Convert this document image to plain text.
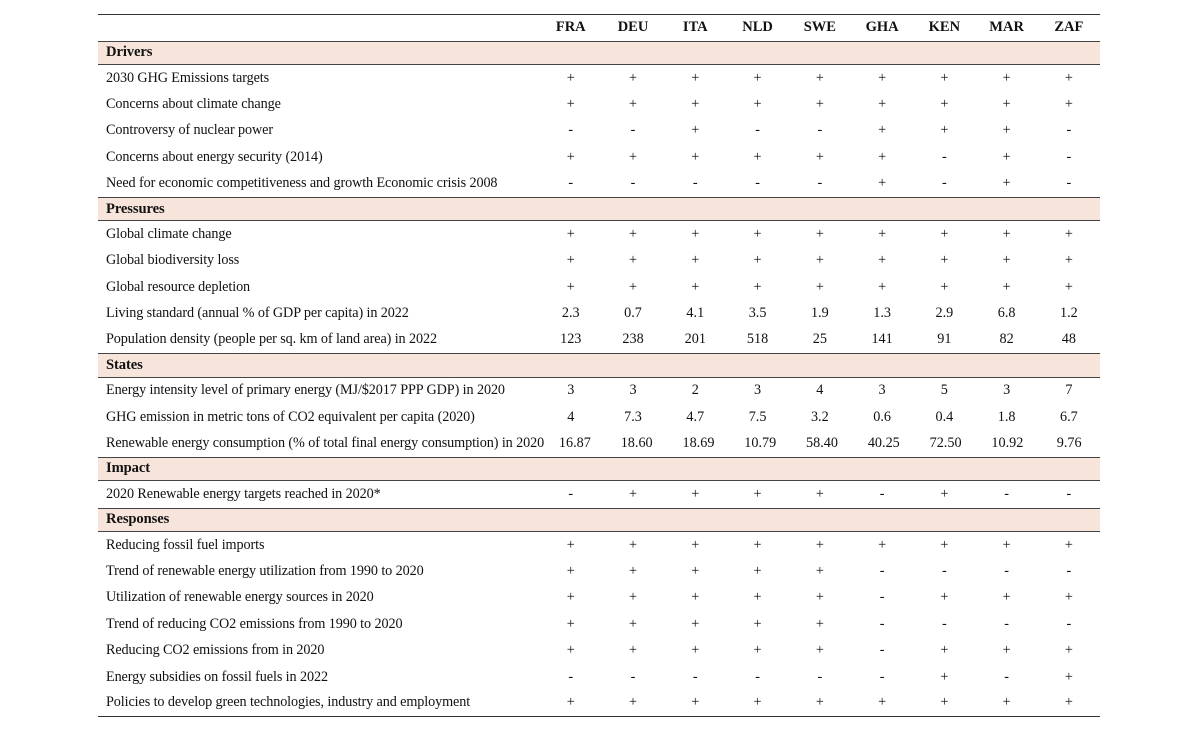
FRA	DEU	ITA	NLD	SWE	GHA	KEN	MAR	ZAF
Drivers
2030 GHG Emissions targets	+	+	+	+	+	+	+	+	+
Concerns about climate change	+	+	+	+	+	+	+	+	+
Controversy of nuclear power	-	-	+	-	-	+	+	+	-
Concerns about energy security (2014)	+	+	+	+	+	+	-	+	-
Need for economic competitiveness and growth Economic crisis 2008	-	-	-	-	-	+	-	+	-
Pressures
Global climate change	+	+	+	+	+	+	+	+	+
Global biodiversity loss	+	+	+	+	+	+	+	+	+
Global resource depletion	+	+	+	+	+	+	+	+	+
Living standard (annual % of GDP per capita) in 2022	2.3	0.7	4.1	3.5	1.9	1.3	2.9	6.8	1.2
Population density (people per sq. km of land area) in 2022	123	238	201	518	25	141	91	82	48
States
Energy intensity level of primary energy (MJ/$2017 PPP GDP) in 2020	3	3	2	3	4	3	5	3	7
GHG emission in metric tons of CO2 equivalent per capita (2020)	4	7.3	4.7	7.5	3.2	0.6	0.4	1.8	6.7
Renewable energy consumption (% of total final energy consumption) in 2020	16.87	18.60	18.69	10.79	58.40	40.25	72.50	10.92	9.76
Impact
2020 Renewable energy targets reached in 2020*	-	+	+	+	+	-	+	-	-
Responses
Reducing fossil fuel imports	+	+	+	+	+	+	+	+	+
Trend of renewable energy utilization from 1990 to 2020	+	+	+	+	+	-	-	-	-
Utilization of renewable energy sources in 2020	+	+	+	+	+	-	+	+	+
Trend of reducing CO2 emissions from 1990 to 2020	+	+	+	+	+	-	-	-	-
Reducing CO2 emissions from in 2020	+	+	+	+	+	-	+	+	+
Energy subsidies on fossil fuels in 2022	-	-	-	-	-	-	+	-	+
Policies to develop green technologies, industry and employment	+	+	+	+	+	+	+	+	+
